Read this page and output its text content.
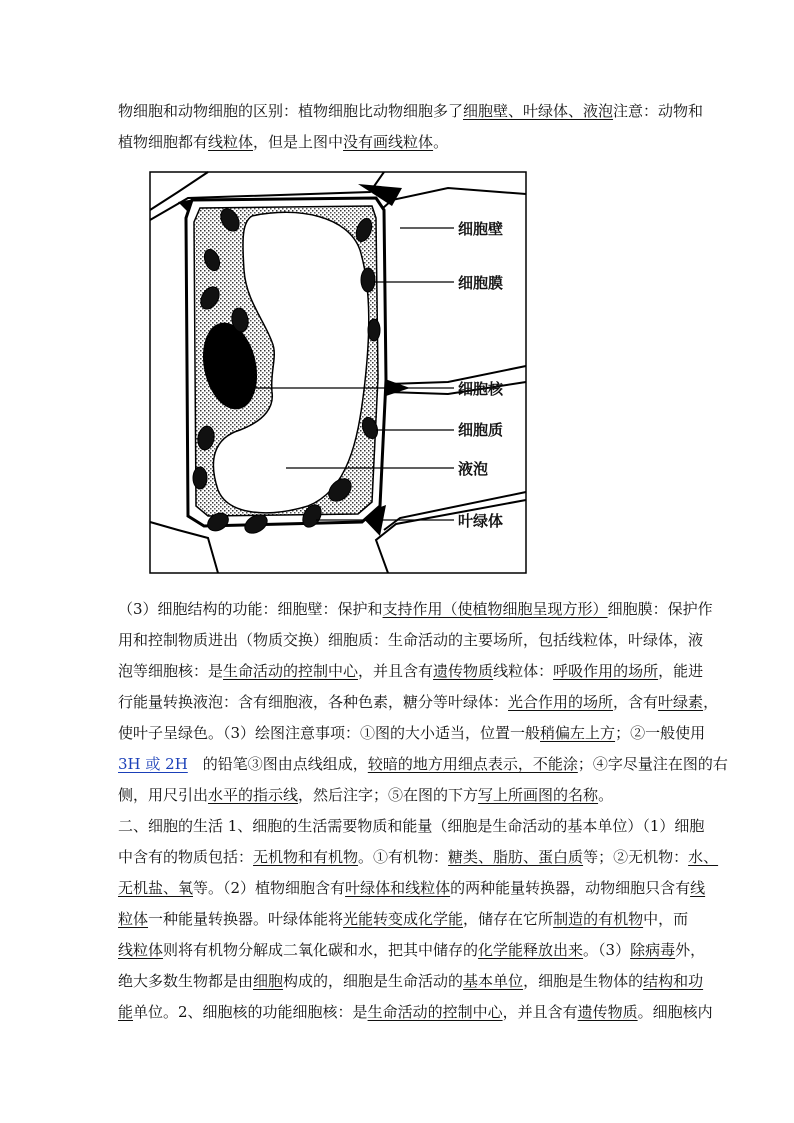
物细胞和动物细胞的区别：植物细胞比动物细胞多了细胞壁、叶绿体、液泡注意：动物和
植物细胞都有线粒体，但是上图中没有画线粒体。
细胞壁
细胞膜
细胞核
细胞质
液泡
叶绿体
（3）细胞结构的功能：细胞壁：保护和支持作用（使植物细胞呈现方形）细胞膜：保护作
用和控制物质进出（物质交换）细胞质：生命活动的主要场所，包括线粒体，叶绿体，液
泡等细胞核：是生命活动的控制中心，并且含有遗传物质线粒体：呼吸作用的场所，能进
行能量转换液泡：含有细胞液，各种色素，糖分等叶绿体：光合作用的场所，含有叶绿素，
使叶子呈绿色。（3）绘图注意事项：①图的大小适当，位置一般稍偏左上方；②一般使用
3H 或 2H　的铅笔③图由点线组成，较暗的地方用细点表示，不能涂；④字尽量注在图的右
侧，用尺引出水平的指示线，然后注字；⑤在图的下方写上所画图的名称。
二、细胞的生活 1、细胞的生活需要物质和能量（细胞是生命活动的基本单位）（1）细胞
中含有的物质包括：无机物和有机物。①有机物：糖类、脂肪、蛋白质等；②无机物：水、
无机盐、氧等。（2）植物细胞含有叶绿体和线粒体的两种能量转换器，动物细胞只含有线
粒体一种能量转换器。叶绿体能将光能转变成化学能，储存在它所制造的有机物中，而
线粒体则将有机物分解成二氧化碳和水，把其中储存的化学能释放出来。（3）除病毒外，
绝大多数生物都是由细胞构成的，细胞是生命活动的基本单位，细胞是生物体的结构和功
能单位。2、细胞核的功能细胞核：是生命活动的控制中心，并且含有遗传物质。细胞核内
